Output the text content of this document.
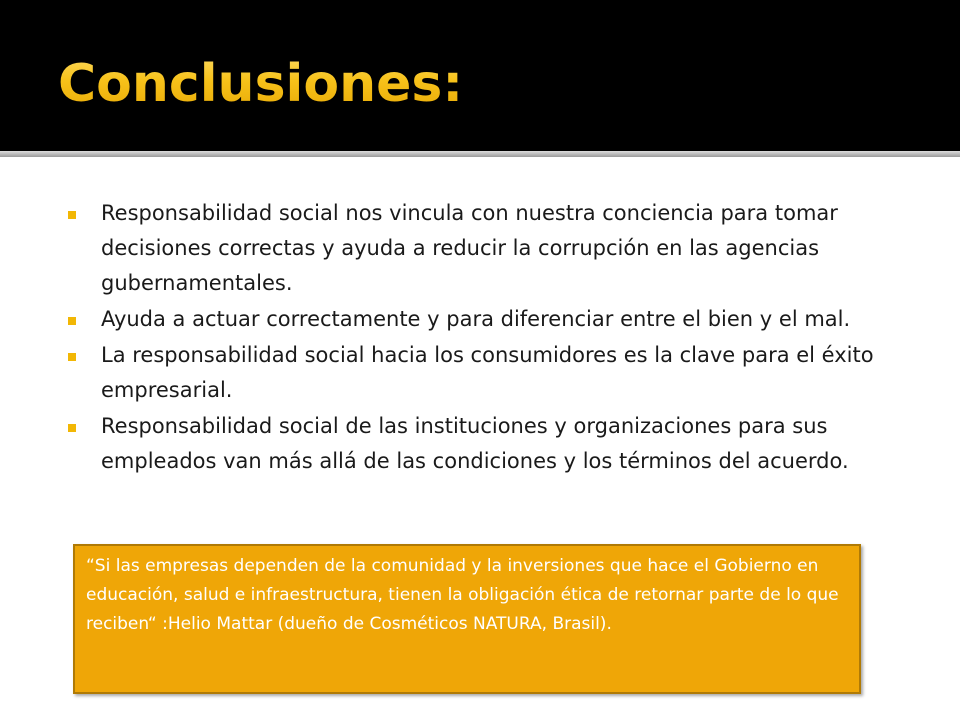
Conclusiones:
Responsabilidad social nos vincula con nuestra conciencia para tomar decisiones correctas y ayuda a reducir la corrupción en las agencias gubernamentales.
Ayuda a actuar correctamente y para diferenciar entre el bien y el mal.
La responsabilidad social hacia los consumidores es la clave para el éxito empresarial.
Responsabilidad social de las instituciones y organizaciones para sus empleados van más allá de las condiciones y los términos del acuerdo.

“Si las empresas dependen de la comunidad y la inversiones que hace el Gobierno en educación, salud e infraestructura, tienen la obligación ética de retornar parte de lo que reciben“ :Helio Mattar (dueño de Cosméticos NATURA, Brasil).
